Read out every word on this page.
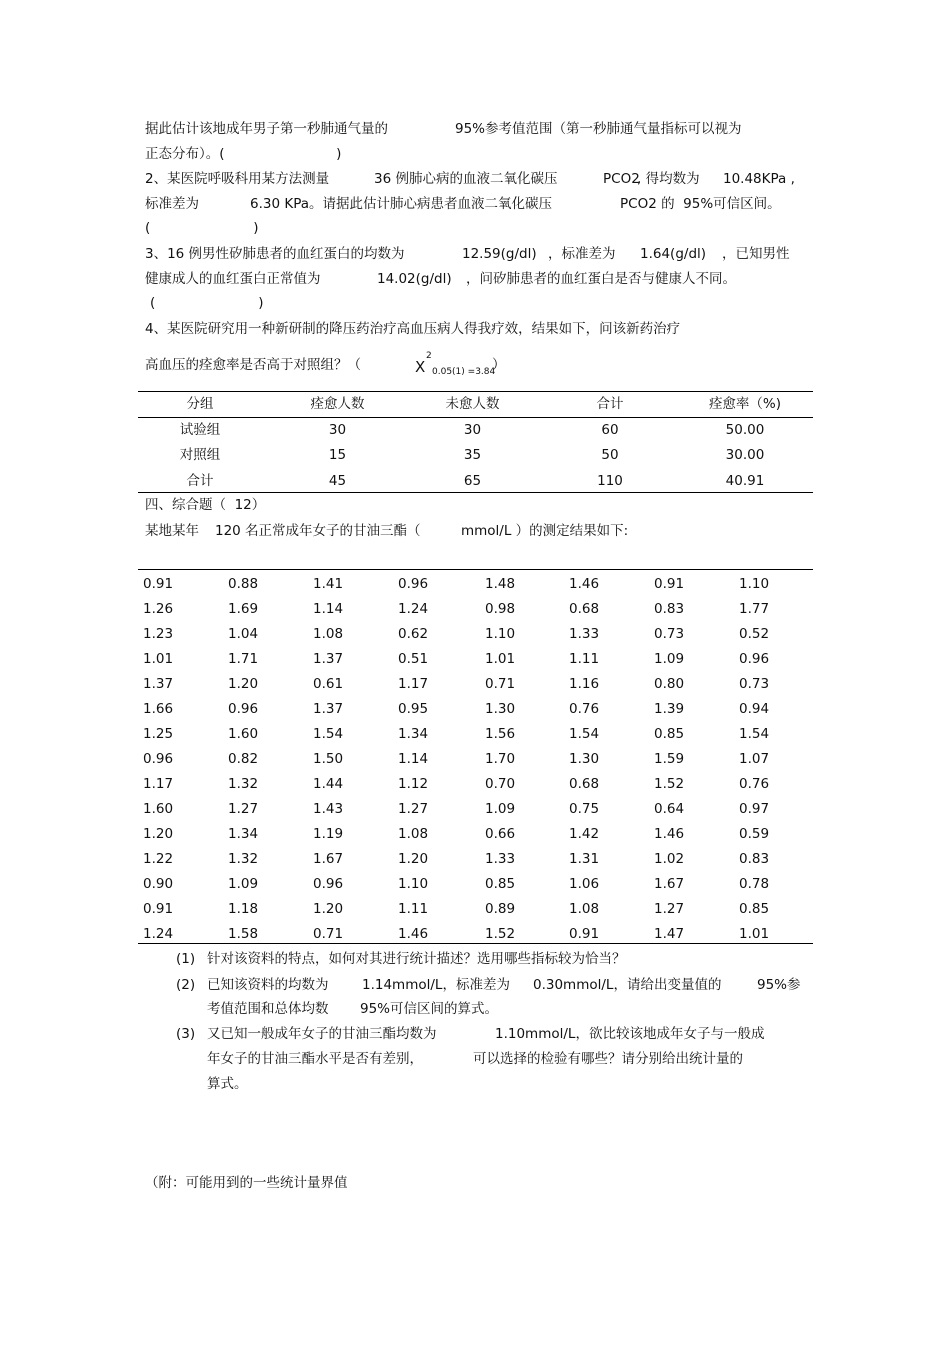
据此估计该地成年男子第一秒肺通气量的	95%参考值范围（第一秒肺通气量指标可以视为
正态分布）。(                          )
2、某医院呼吸科用某方法测量	36 例肺心病的血液二氧化碳压	PCO2
, 得均数为 10.48KPa ,
标准差为	6.30 KPa。请据此估计肺心病患者血液二氧化碳压	PCO2 的  95%可信区间。
(                        )
3、16 例男性矽肺患者的血红蛋白的均数为	12.59(g/dl) ，标准差为 1.64(g/dl) ，已知男性
健康成人的血红蛋白正常值为	14.02(g/dl) ，问矽肺患者的血红蛋白是否与健康人不同。
(                        )
4、某医院研究用一种新研制的降压药治疗高血压病人得我疗效，结果如下，问该新药治疗
高血压的痊愈率是否高于对照组？（	X
2
0.05(1) =3.84
）
分组	痊愈人数	未愈人数	合计	痊愈率（%)
试验组	30	30	60	50.00
对照组	15	35	50	30.00
合计	45	65	110	40.91
四、综合题（  12）
某地某年 120 名正常成年女子的甘油三酯（	mmol/L ）的测定结果如下:
0.91	0.88	1.41	0.96	1.48	1.46	0.91	1.10
1.26	1.69	1.14	1.24	0.98	0.68	0.83	1.77
1.23	1.04	1.08	0.62	1.10	1.33	0.73	0.52
1.01	1.71	1.37	0.51	1.01	1.11	1.09	0.96
1.37	1.20	0.61	1.17	0.71	1.16	0.80	0.73
1.66	0.96	1.37	0.95	1.30	0.76	1.39	0.94
1.25	1.60	1.54	1.34	1.56	1.54	0.85	1.54
0.96	0.82	1.50	1.14	1.70	1.30	1.59	1.07
1.17	1.32	1.44	1.12	0.70	0.68	1.52	0.76
1.60	1.27	1.43	1.27	1.09	0.75	0.64	0.97
1.20	1.34	1.19	1.08	0.66	1.42	1.46	0.59
1.22	1.32	1.67	1.20	1.33	1.31	1.02	0.83
0.90	1.09	0.96	1.10	0.85	1.06	1.67	0.78
0.91	1.18	1.20	1.11	0.89	1.08	1.27	0.85
1.24	1.58	0.71	1.46	1.52	0.91	1.47	1.01
(1) 针对该资料的特点，如何对其进行统计描述？选用哪些指标较为恰当？
(2) 已知该资料的均数为 1.14mmol/L，标准差为 0.30mmol/L，请给出变量值的	95%参
考值范围和总体均数 95%可信区间的算式。
(3) 又已知一般成年女子的甘油三酯均数为	1.10mmol/L，欲比较该地成年女子与一般成
年女子的甘油三酯水平是否有差别，	可以选择的检验有哪些？请分别给出统计量的
算式。
（附：可能用到的一些统计量界值
